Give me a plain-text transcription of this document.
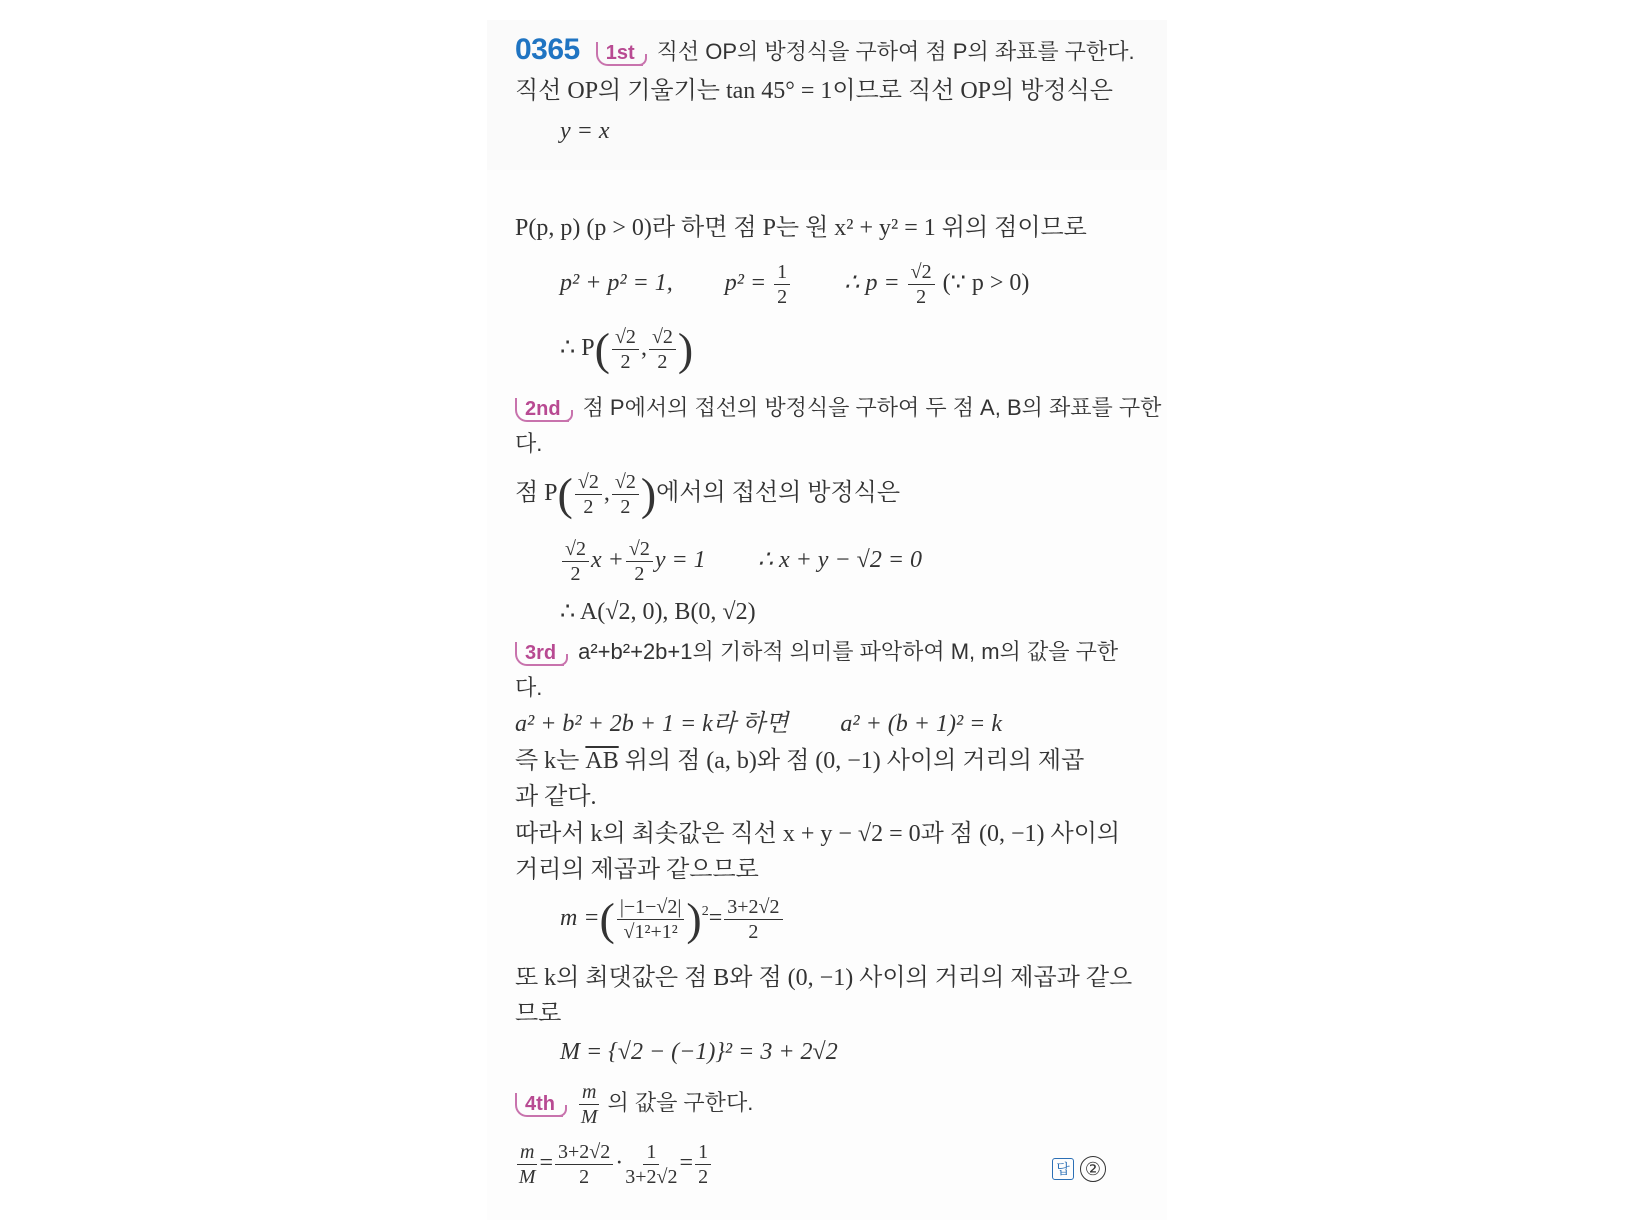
0365 1st 직선 OP의 방정식을 구하여 점 P의 좌표를 구한다.
직선 OP의 기울기는 tan 45° = 1이므로 직선 OP의 방정식은
y = x
P(p, p) (p > 0)라 하면 점 P는 원 x² + y² = 1 위의 점이므로
p² + p² = 1, $p^2 = \frac{1}{2}$ ∴ $p = \frac{√2}{2}$ (∵ p > 0)
∴ $P( \frac{√2}{2}$ , $\frac{√2}{2}$ )
2nd 점 P에서의 접선의 방정식을 구하여 두 점 A, B의 좌표를 구한
다.
점 $P( \frac{√2}{2}$ , $\frac{√2}{2}$ )에서의 접선의 방정식은
$\frac{√2}{2}$ $x + \frac{√2}{2}$ y = 1 ∴ x + y − √2 = 0
∴ A(√2, 0), B(0, √2)
3rd a²+b²+2b+1의 기하적 의미를 파악하여 M, m의 값을 구한
다.
a² + b² + 2b + 1 = k라 하면 a² + (b + 1)² = k
즉 k는 $\overline{AB}$ 위의 점 (a, b)와 점 (0, −1) 사이의 거리의 제곱
과 같다.
따라서 k의 최솟값은 직선 x + y − √2 = 0과 점 (0, −1) 사이의
거리의 제곱과 같으므로
m =( $\frac{|-1-√2|}{\text{√1²+1²}} )^2= \frac{3+2√2}{2}$
또 k의 최댓값은 점 B와 점 (0, −1) 사이의 거리의 제곱과 같으
므로
M = {√2 − (−1)}² = 3 + 2√2
$4th \frac{m}{M}$ 의 값을 구한다.
$\frac{m}{M} = \frac{3+2√2}{2} \cdot \frac{1}{3+2√2} = \frac{1}{2}$	답 ②
